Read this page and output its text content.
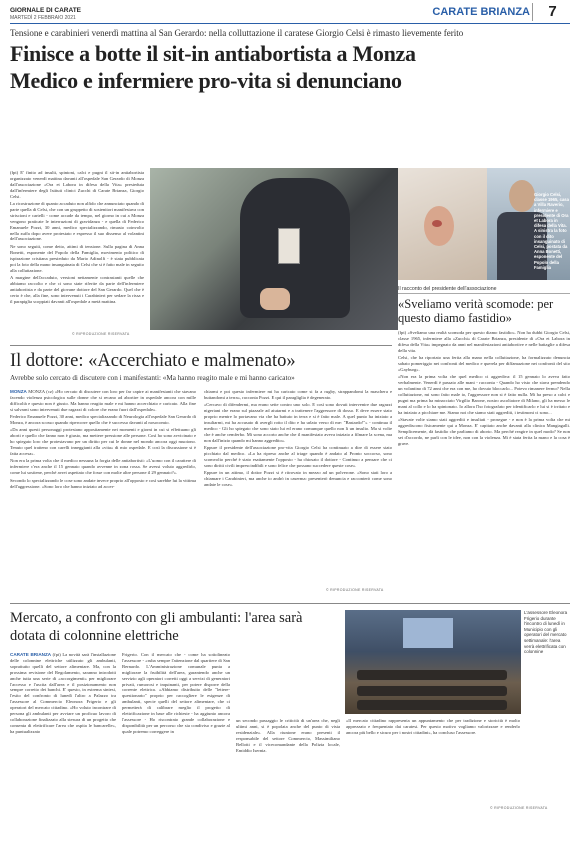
GIORNALE DI CARATE
MARTEDÌ 2 FEBBRAIO 2021	CARATE BRIANZA	7
Tensione e carabinieri venerdì mattina al San Gerardo: nella colluttazione il caratese Giorgio Celsi è rimasto lievemente ferito
Finisce a botte il sit-in antiabortista a Monza
Medico e infermiere pro-vita si denunciano

(fpt) E' finito ad insulti, spintoni, calci e pugni il sit-in antiabortista organizzato venerdì mattina davanti all'ospedale San Gerardo di Monza dall'associazione «Ora et Labora in difesa della Vita» presieduta dall'infermiere degli Istituti clinici Zucchi di Carate Brianza, Giorgio Celsi.

La ricostruzione di quanto accaduto non alfido che annunciato quando di parte quella di Celsi, che con un gruppetto di sostenitori manifestava con striscioni e cartelli - come accade da tempo, nel giorno in cui a Monza vengono praticate le interruzioni di gravidanza - e quella di Federico Emanuele Pozzi, 30 anni, medico specializzando, rimasto coinvolto nella zuffa dopo avere protestato e espresso il suo dissenso al volantini dell'associazione.

Ne sono seguiti, come detto, attimi di tensione. Sulla pagina di Anna Bonetti, esponente del Popolo della Famiglia, movimento politico di ispirazione cristiana presieduto da Mario Adinolfi - è stata pubblicata poi la foto della mano insanguinata di Celsi che si è fatto male in seguito alla colluttazione.

A margine dell'accaduto, versioni nettamente contrastanti quelle che abbiamo raccolto e che ci sono state riferite da parte dell'infermiere antiabortista e da parte del giovane dottore del San Gerardo. Quel che è certo è che, alla fine, sono intervenuti i Carabinieri per sedare la rissa e il parapiglia scoppiati davanti all'ospedale a metà mattina.

© RIPRODUZIONE RISERVATA
Giorgio Celsi, classe 1965, casa a Villa Raverio, infermiere e presidente di Ora et Labora in difesa della Vita. A sinistra la foto con il dito insanguinato di Celsi, postata da Anna Bonetti, esponente del Popolo della Famiglia
Il racconto del presidente dell'associazione
«Sveliamo verità scomode: per questo diamo fastidio»

(fpt) «Sveliamo una realtà scomoda per questo diamo fastidio». Non ha dubbi Giorgio Celsi, classe 1965, infermiere alla «Zucchi» di Carate Brianza, presidente di «Ora et Labora in difesa della Vita» impegnato da anni nel manifestazioni antiabortive e nelle battaglie a difesa della vita.

Celsi, che ha riportato una ferita alla mano nella colluttazione, ha formalizzato denuncia sabato pomeriggio nei confronti del medico e querela per diffamazione nei confronti del sito «Gayburg».

«Non era la prima volta che quel medico ci aggrediva: il 15 gennaio lo aveva fatto verbalmente. Venerdì è passato alle mani - racconta - Quando ho visto che stava prendendo un volantino di 72 anni che era con me, ho dovuto bloccarlo... Potevo rimanere fermo? Nella colluttazione, mi sono fatto male io, l'aggressore non si è fatto nulla. Mi ha preso a calci e pugni ma prima ha minacciato Virgilio Barone, nostro ascoltatore di Milano, gli ha messo le mani al collo e lo ha spintonato. Io allora l'ho fotografato per identificarlo e lui si è irritato e ha iniziato a picchiare me. Siamo noi che siamo stati aggrediti, i testimoni ci sono...

«Stavate volte siamo stati aggrediti e insultati - prosegue - e non è la prima volta che mi aggrediscono fisicamente qui a Monza. E' capitato anche davanti alla clinica Mangiagalli. Semplicemente, dà fastidio che parliamo di aborto. Ma perché reagire in quel modo? Se non sei d'accordo, ne parli con le idee, non con la violenza. Mi è stata ferita la mano e la cosa è grave.

Il dottore: «Accerchiato e malmenato»
Avrebbe solo cercato di discutere con i manifestanti: «Ma hanno reagito male e mi hanno caricato»

MONZA MONZA (cz) «Ho cercato di discutere con loro per far capire ai manifestanti che stavano facendo violenza psicologica sulle donne che si recano ad abortire in ospedale ancora con mille difficoltà e questo non è giusto. Ma hanno reagito male e mi hanno accerchiato e caricato. Alla fine si salvarni sono intervenuti due ragazzi di colore che erano fuori dall'ospedale».

Federico Emanuele Pozzi, 30 anni, medico specializzando di Neurologia all'ospedale San Gerardo di Monza, è ancora scosso quando ripercorre quello che è successo davanti al nosocomio.

«Da anni questi personaggi protestano appositamente nei momenti e giorni in cui si effettuano gli aborti e quello che fanno non è giusto, ma mettere pressione alle persone. Così ho sono avvicinato e ho spiegato loro che protestavano per un diritto per cui le donne nel mondo ancora oggi muoiono. Tenuto quel tratteno con carelli inneggianti alla «vita» di mio ospedale. E così la discussione si è fatta accesa».

Non era la prima volta che il medico nessuna la forgia delle antiabortisti: «L'uomo con il carattere di infermiere c'era anche il 15 gennaio quando avvenne in zona rossa. Se avessi voluto aggredirlo, come lui sostiene, perché avrei aspettato che fosse con molte altre persone il 29 gennaio?».

Secondo lo specializzando le cose sono andate invece proprio all'opposto e così sarebbe lui la vittima dell'aggressione. «Sono loro che hanno iniziato ad accer-

chiarmi e poi questo infermiere mi ha caricato come si fa a rugby, strappandomi la maschera e buttandomi a terra», racconta Pozzi. E qui il paragliglia è degenerato.

«Cercavo di difendermi, ma erano sette contro uno solo. E così sono dovuti intervenire due ragazzi nigeriani che erano sul piazzale ad aiutarmi e a trattenere l'aggressore di dosso. E deve essere stato proprio mentre lo portavano via che ha battuto in terra e si è fatto male. A quel punto ha iniziato a insultarmi, mi ha accusato di avergli rotto il dito e ha urlato verso di me: "Bastardo!"» - continua il medico - Gli ho spiegato che sono stato lui ed erano comunque quello non li un insulto. Ma si volte che è anche cemferbo. Mi sono accorto anche che il manifestato aveva iniziato a filmare la scena, ma non dall'inizio quando mi hanno aggredito».

Eppure il presidente dell'associazione pro-vita Giorgio Celsi ha continuato a dire di essere stato picchiato dal medico. «La ha ripreso anche al triage quando è andato al Pronto soccorso, sono scomvolto perché è stato esattamente l'opposto - ha chiosato il dottore - Continuo a pensare che ci sono diritti civili imprescindibili e sono felice che possano succedere queste cose».

Eppure in un attimo, il dottor Pozzi si è ritrovato in mezzo ad un polverone. «Sono stati loro a chiamare i Carabinieri, ma anche io andrò in caserma: presenterò denuncia e racconterò come sono andate le cose».

© RIPRODUZIONE RISERVATA
Mercato, a confronto con gli ambulanti: l'area sarà dotata di colonnine elettriche
L'assessore Eleonora Frigerio durante l'incontro di lunedì in Municipio con gli operatori del mercato settimanale: l'area verrà elettrificata con colonnine

CARATE BRIANZA (fpt) La novità sarà l'installazione delle colonnine elettriche utilizzato gli ambulanti, soprattutto quelli del settore alimentare. Ma, con la prossima revisione del Regolamento, saranno introdotti anche tutta una serie di «accorgimenti» per migliorare l'accesso e l'uscita dall'area e il posizionamento non sempre corretto dei banchi. E' questo, in estrema sintesi, l'esito del confronto di lunedì l'altro a Palazzo tra l'assessore al Commercio Eleonora Frigerio e gli operatori del mercato cittadino. «Ho voluto incontrare di persona gli ambulanti per avviare un proficuo lavoro di collaborazione finalizzato alla stesura di un progetto che consenta di elettrificare l'area che ospita le bancarelle», ha puntualizzato

Frigerio. Con il mercato che - come ha sottolineato l'assessore - «ruba sempre l'attenzione dal quartiere di San Bernardo. L'Amministrazione comunale punta a migliorare la fruibilità dell'area, garantendo anche un servizio agli operatori corretti oggi a servizi di generatori privati, rumorosi e inquinanti, per potere disporre della corrente elettrica. «Abbiamo distribuito delle "lettere-questionario" proprio per raccogliere le esigenze di ambulanti, specie quelli del settore alimentare, che ci permetterà di calibrare meglio il progetto di elettrificazione in base alle richieste - ha aggiunto ancora l'assessore - Ho riscontrato grande collaborazione e disponibilità per un percorso che sia condiviso e grazie al quale potremo correggere in

un secondo passaggio le criticità di un'area che, negli ultimi anni, si è popolata anche del punto di vista residenziale». Alla riunione erano presenti il responsabile del settore Commercio, Massimiliano Bellotti e il vicecomandante della Polizia locale, Emiddio Isernia.

«Il mercato cittadino rappresenta un appuntamento che per tradizione e storicità è molto apprezzato e frequentato dai caratesi. Per questo motivo vogliamo valorizzare e renderlo ancora più bello e sicuro per i nostri cittadini», ha concluso l'assessore.

© RIPRODUZIONE RISERVATA
